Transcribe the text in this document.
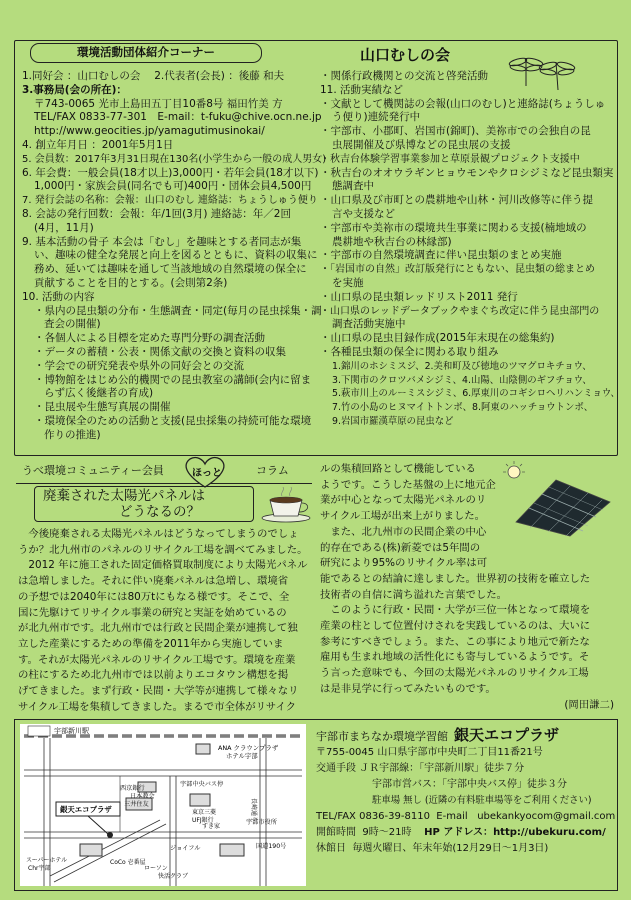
環境活動団体紹介コーナー	山口むしの会
1.同好会 ：山口むしの会　 2.代表者(会長) ：後藤 和夫
3.事務局(会の所在)：
〒743-0065 光市上島田五丁目10番8号 福田竹美 方
TEL/FAX 0833-77-301　E-mail：t-fuku@chive.ocn.ne.jp
http://www.geocities.jp/yamagutimusinokai/
4. 創立年月日 ：2001年5月1日
5. 会員数：2017年3月31日現在130名(小学生から一般の成人男女)
6. 年会費：一般会員(18才以上)3,000円・若年会員(18才以下)
1,000円・家族会員(同名でも可)400円・団体会員4,500円
7. 発行会誌の名称：会報：山口のむし 連絡誌：ちょうしゅう便り
8. 会誌の発行回数：会報：年/1回(3月) 連絡誌：年／2回
(4月，11月)
9. 基本活動の骨子 本会は「むし」を趣味とする者同志が集
い、趣味の健全な発展と向上を図るとともに、資料の収集に
務め、延いては趣味を通して当該地域の自然環境の保全に
貢献することを目的とする。(会則第2条)
10. 活動の内容
・県内の昆虫類の分布・生態調査・同定(毎月の昆虫採集・調
査会の開催)
・各個人による目標を定めた専門分野の調査活動
・データの蓄積・公表・関係文献の交換と資料の収集
・学会での研究発表や県外の同好会との交流
・博物館をはじめ公的機関での昆虫教室の講師(会内に留ま
らず広く後継者の育成)
・昆虫展や生態写真展の開催
・環境保全のための活動と支援(昆虫採集の持続可能な環境
作りの推進)
・関係行政機関との交流と啓発活動
11. 活動実績など
・文献として機関誌の会報(山口のむし)と連絡誌(ちょうしゅ
う便り)連続発行中
・宇部市、小郡町、岩国市(錦町)、美祢市での会独自の昆
虫展開催及び県博などの昆虫展の支援
・秋吉台体験学習事業参加と草原景観プロジェクト支援中
・秋吉台のオオウラギンヒョウモンやクロシジミなど昆虫類実
態調査中
・山口県及び市町との農耕地や山林・河川改修等に伴う提
言や支援など
・宇部市や美祢市の環境共生事業に関わる支援(楠地域の
農耕地や秋吉台の林縁部)
・宇部市の自然環境調査に伴い昆虫類のまとめ実施
・「岩国市の自然」改訂版発行にともない、昆虫類の総まとめ
を実施
・山口県の昆虫類レッドリスト2011 発行
・山口県のレッドデータブックやまぐち改定に伴う昆虫部門の
調査活動実施中
・山口県の昆虫目録作成(2015年末現在の総集約)
・各種昆虫類の保全に関わる取り組み
1.錦川のホシミスジ、2.美和町及び徳地のツマグロキチョウ、
3.下関市のクロツバメシジミ、4.山陽、山陰側のギフチョウ、
5.萩市川上のルーミスシジミ、6.厚東川のコギシロヘリハンミョウ、
7.竹の小島のヒヌマイトトンボ、8.阿東のハッチョウトンボ、
9.岩国市羅漢草原の昆虫など
うべ環境コミュニティー会員	コラム
ほっと
廃棄された太陽光パネルは
どうなるの？
今後廃棄される太陽光パネルはどうなってしまうのでしょ
うか？北九州市のパネルのリサイクル工場を調べてみました。
2012 年に施工された固定価格買取制度により太陽光パネル
は急増しました。それに伴い廃棄パネルは急増し、環境省
の予想では2040年には80万tにもなる様です。そこで、全
国に先駆けてリサイクル事業の研究と実証を始めているの
が北九州市です。北九州市では行政と民間企業が連携して独
立した産業にするための準備を2011年から実施していま
す。それが太陽光パネルのリサイクル工場です。環境を産業
の柱にするため北九州市では以前よりエコタウン構想を掲
げてきました。まず行政・民間・大学等が連携して様々なリ
サイクル工場を集積してきました。まるで市全体がリサイク
ルの集積回路として機能している
ようです。こうした基盤の上に地元企
業が中心となって太陽光パネルのリ
サイクル工場が出来上がりました。
また、北九州市の民間企業の中心
的存在である(株)新菱では5年間の
研究により95%のリサイクル率は可
能であるとの結論に達しました。世界初の技術を確立した
技術者の自信に満ち溢れた言葉でした。
このように行政・民間・大学が三位一体となって環境を
産業の柱として位置付けされを実践しているのは、大いに
参考にすべきでしょう。また、この事により地元で新たな
雇用も生まれ地域の活性化にも寄与しているようです。そ
う言った意味でも、今回の太陽光パネルのリサイクル工場
は是非見学に行ってみたいものです。
(岡田謙二)
宇部新川駅
ANA クラウンプラザ
ホテル宇部
西京銀行
日本教会
三井住友
宇部中央バス停
東京三菱
UFJ銀行
すき家
ジョイフル
宇部市役所
国道190号
スーパーホテル
Chr宇部
CoCo 壱番屋
ローソン
快活クラブ
長崎通り
銀天エコプラザ
宇部市まちなか環境学習館 銀天エコプラザ
〒755-0045 山口県宇部市中央町二丁目11番21号
交通手段 ＪＲ宇部線：「宇部新川駅」徒歩７分
宇部市営バス：「宇部中央バス停」徒歩３分
駐車場 無し (近隣の有料駐車場等をご利用ください)
TEL/FAX 0836-39-8110 E-mail ubekankyocom@gmail.com
開館時間 9時～21時 HP アドレス：http://ubekuru.com/
休館日 毎週火曜日、年末年始(12月29日～1月3日)
